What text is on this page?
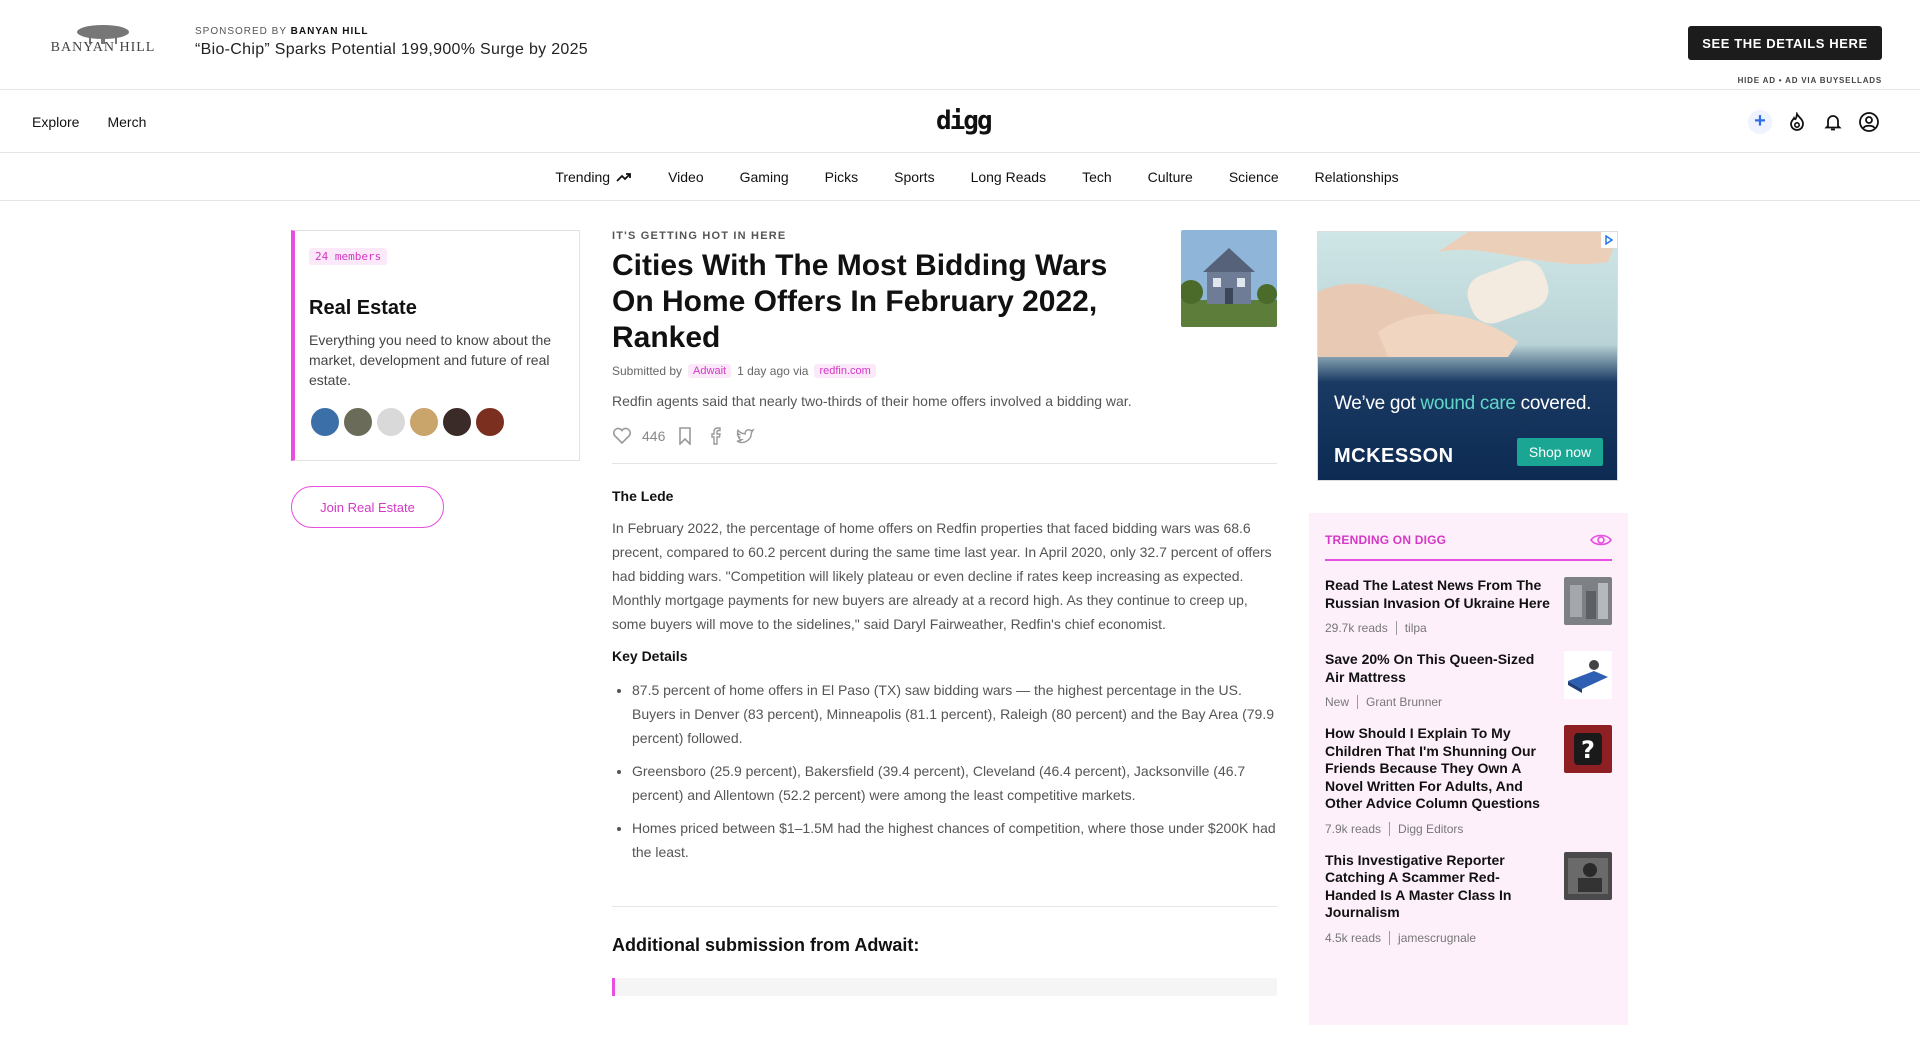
BANYAN HILL
SPONSORED BY BANYAN HILL
“Bio-Chip” Sparks Potential 199,900% Surge by 2025	SEE THE DETAILS HERE
HIDE AD • AD VIA BUYSELLADS
Explore Merch	digg	+
Trending	Video	Gaming	Picks	Sports	Long Reads	Tech	Culture	Science	Relationships
24 members
Real Estate

Everything you need to know about the market, development and future of real estate.

Join Real Estate
IT'S GETTING HOT IN HERE
Cities With The Most Bidding Wars On Home Offers In February 2022, Ranked
Submitted by	Adwait 1 day ago via	redfin.com

Redfin agents said that nearly two-thirds of their home offers involved a bidding war.

446
The Lede

In February 2022, the percentage of home offers on Redfin properties that faced bidding wars was 68.6 precent, compared to 60.2 percent during the same time last year. In April 2020, only 32.7 percent of offers had bidding wars. "Competition will likely plateau or even decline if rates keep increasing as expected. Monthly mortgage payments for new buyers are already at a record high. As they continue to creep up, some buyers will move to the sidelines," said Daryl Fairweather, Redfin's chief economist.

Key Details
• 87.5 percent of home offers in El Paso (TX) saw bidding wars — the highest percentage in the US. Buyers in Denver (83 percent), Minneapolis (81.1 percent), Raleigh (80 percent) and the Bay Area (79.9 percent) followed.
• Greensboro (25.9 percent), Bakersfield (39.4 percent), Cleveland (46.4 percent), Jacksonville (46.7 percent) and Allentown (52.2 percent) were among the least competitive markets.
• Homes priced between $1–1.5M had the highest chances of competition, where those under $200K had the least.
Additional submission from Adwait:
We’ve got wound care covered.
MCKESSON	Shop now
TRENDING ON DIGG
Read The Latest News From The Russian Invasion Of Ukraine Here
29.7k reads tilpa
Save 20% On This Queen-Sized Air Mattress
New Grant Brunner
How Should I Explain To My Children That I'm Shunning Our Friends Because They Own A Novel Written For Adults, And Other Advice Column Questions
7.9k reads Digg Editors
?
This Investigative Reporter Catching A Scammer Red-Handed Is A Master Class In Journalism
4.5k reads jamescrugnale
